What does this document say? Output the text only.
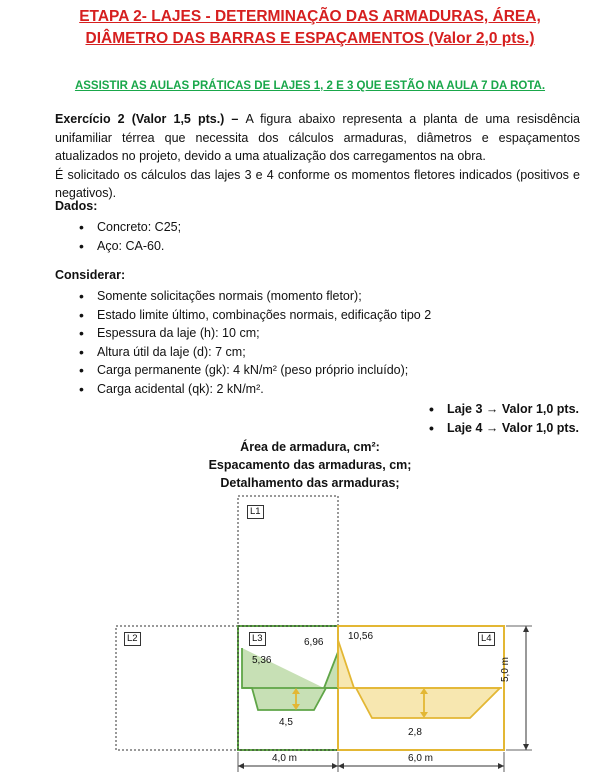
ETAPA 2- LAJES - DETERMINAÇÃO DAS ARMADURAS, ÁREA,
DIÂMETRO DAS BARRAS E ESPAÇAMENTOS (Valor 2,0 pts.)
ASSISTIR AS AULAS PRÁTICAS DE LAJES 1, 2 E 3 QUE ESTÃO NA AULA 7 DA ROTA.
Exercício 2 (Valor 1,5 pts.) – A figura abaixo representa a planta de uma resisdência unifamiliar térrea que necessita dos cálculos armaduras, diâmetros e espaçamentos atualizados no projeto, devido a uma atualização dos carregamentos na obra.
É solicitado os cálculos das lajes 3 e 4 conforme os momentos fletores indicados (positivos e negativos).
Dados:
• Concreto: C25;
• Aço: CA-60.
Considerar:
• Somente solicitações normais (momento fletor);
• Estado limite último, combinações normais, edificação tipo 2
• Espessura da laje (h): 10 cm;
• Altura útil da laje (d): 7 cm;
• Carga permanente (gk): 4 kN/m² (peso próprio incluído);
• Carga acidental (qk): 2 kN/m².
• Laje 3 → Valor 1,0 pts.
• Laje 4 → Valor 1,0 pts.
Área de armadura, cm²:
Espacamento das armaduras, cm;
Detalhamento das armaduras;
L1
L2	L3	L4
5,36
6,96
4,5
10,56
2,8
4,0 m	6,0 m
5,0 m
